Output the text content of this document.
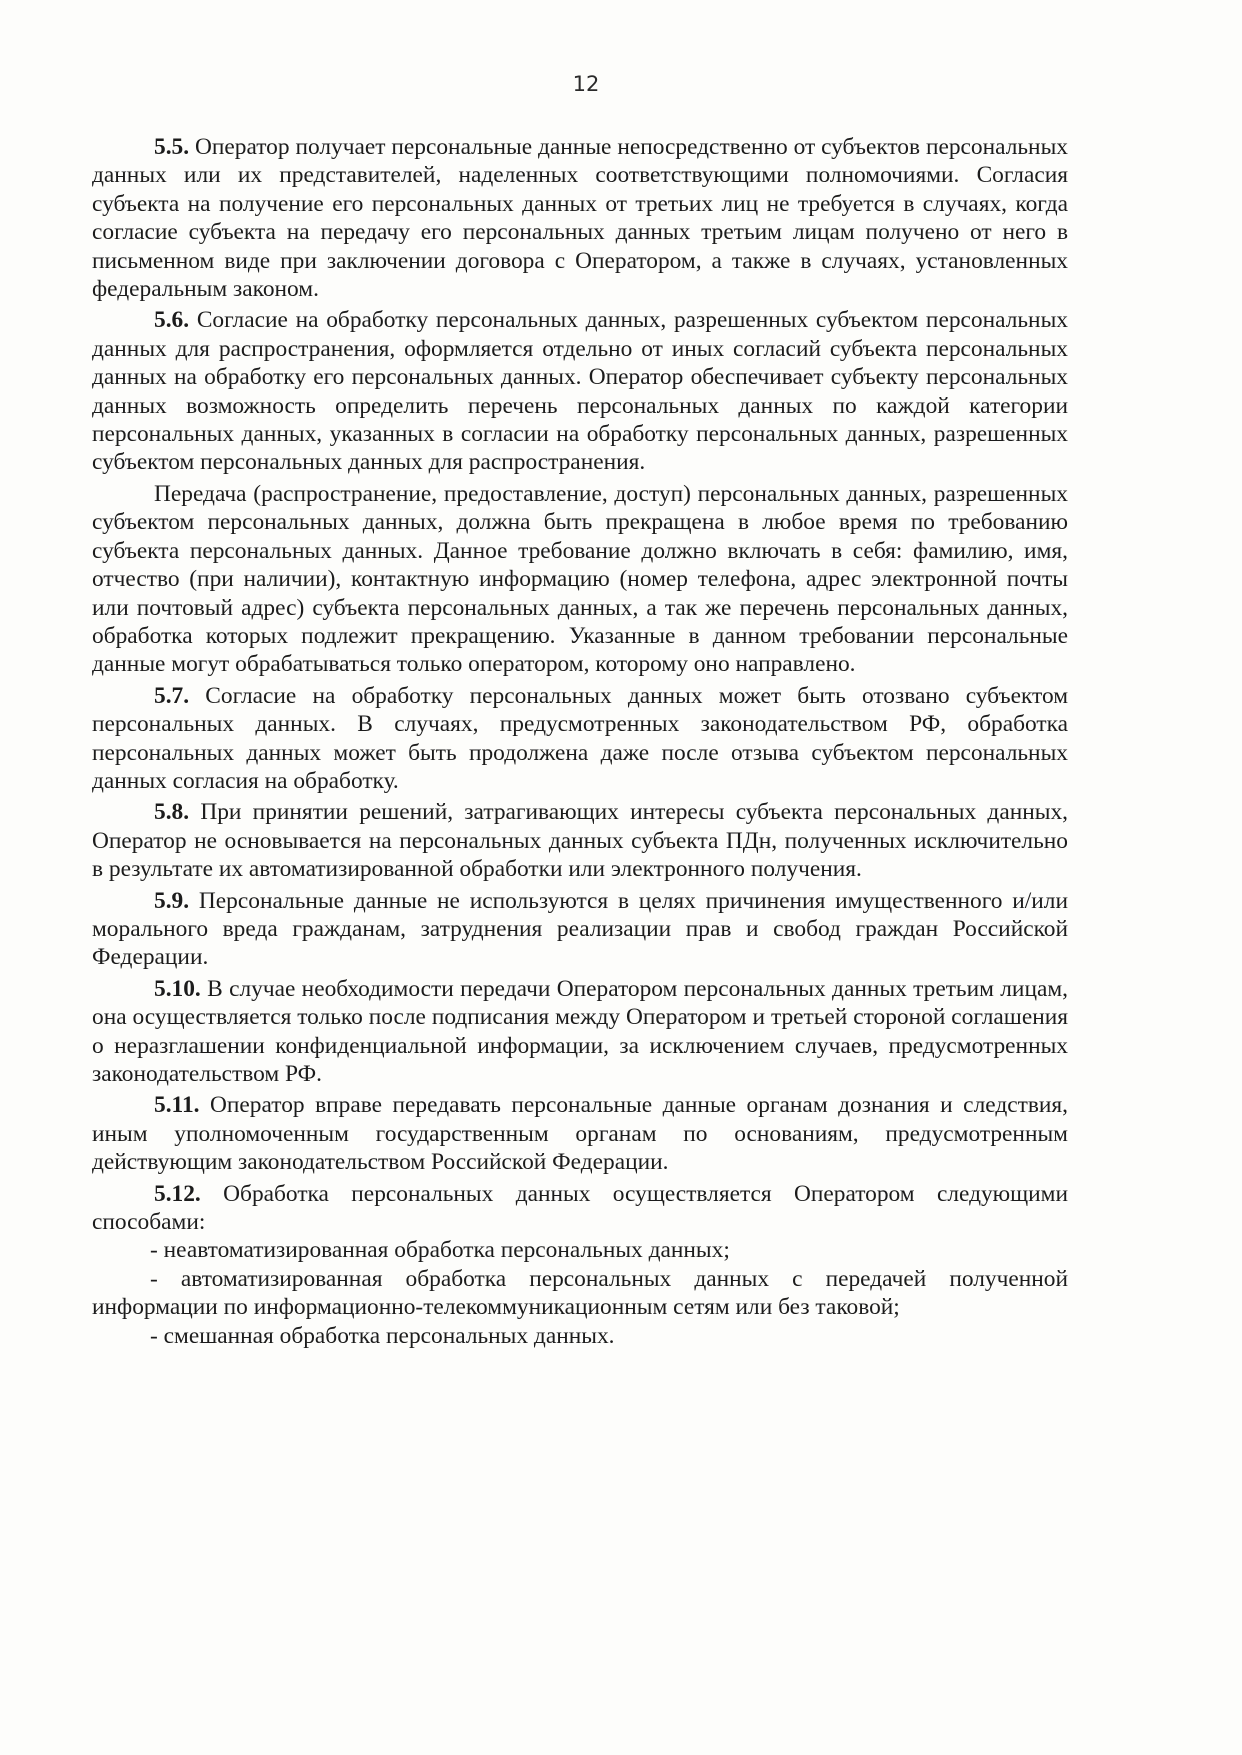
12

5.5. Оператор получает персональные данные непосредственно от субъектов персональных данных или их представителей, наделенных соответствующими полномочиями. Согласия субъекта на получение его персональных данных от третьих лиц не требуется в случаях, когда согласие субъекта на передачу его персональных данных третьим лицам получено от него в письменном виде при заключении договора с Оператором, а также в случаях, установленных федеральным законом.

5.6. Согласие на обработку персональных данных, разрешенных субъектом персональных данных для распространения, оформляется отдельно от иных согласий субъекта персональных данных на обработку его персональных данных. Оператор обеспечивает субъекту персональных данных возможность определить перечень персональных данных по каждой категории персональных данных, указанных в согласии на обработку персональных данных, разрешенных субъектом персональных данных для распространения.

Передача (распространение, предоставление, доступ) персональных данных, разрешенных субъектом персональных данных, должна быть прекращена в любое время по требованию субъекта персональных данных. Данное требование должно включать в себя: фамилию, имя, отчество (при наличии), контактную информацию (номер телефона, адрес электронной почты или почтовый адрес) субъекта персональных данных, а так же перечень персональных данных, обработка которых подлежит прекращению. Указанные в данном требовании персональные данные могут обрабатываться только оператором, которому оно направлено.

5.7. Согласие на обработку персональных данных может быть отозвано субъектом персональных данных. В случаях, предусмотренных законодательством РФ, обработка персональных данных может быть продолжена даже после отзыва субъектом персональных данных согласия на обработку.

5.8. При принятии решений, затрагивающих интересы субъекта персональных данных, Оператор не основывается на персональных данных субъекта ПДн, полученных исключительно в результате их автоматизированной обработки или электронного получения.

5.9. Персональные данные не используются в целях причинения имущественного и/или морального вреда гражданам, затруднения реализации прав и свобод граждан Российской Федерации.

5.10. В случае необходимости передачи Оператором персональных данных третьим лицам, она осуществляется только после подписания между Оператором и третьей стороной соглашения о неразглашении конфиденциальной информации, за исключением случаев, предусмотренных законодательством РФ.

5.11. Оператор вправе передавать персональные данные органам дознания и следствия, иным уполномоченным государственным органам по основаниям, предусмотренным действующим законодательством Российской Федерации.

5.12. Обработка персональных данных осуществляется Оператором следующими способами:

- неавтоматизированная обработка персональных данных;

- автоматизированная обработка персональных данных с передачей полученной информации по информационно-телекоммуникационным сетям или без таковой;

- смешанная обработка персональных данных.
